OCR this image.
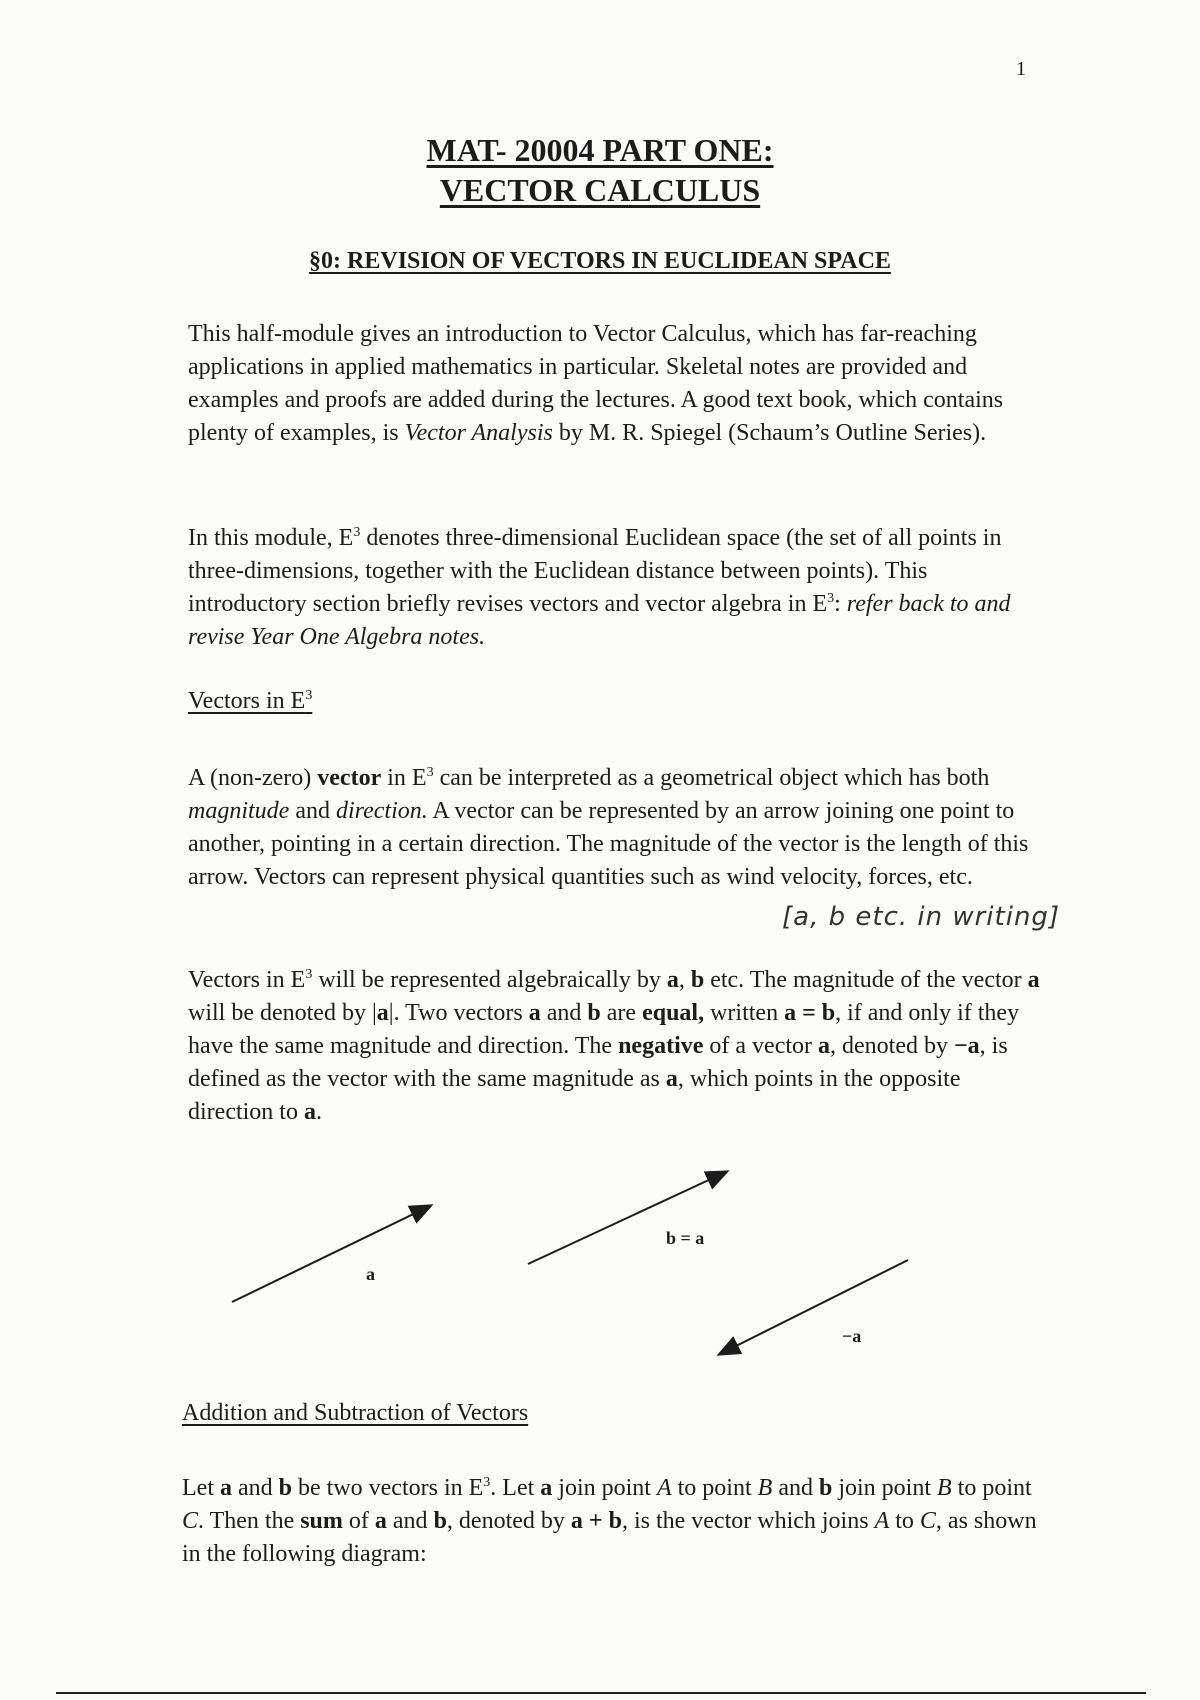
1
MAT- 20004 PART ONE:
VECTOR CALCULUS
§0: REVISION OF VECTORS IN EUCLIDEAN SPACE

This half-module gives an introduction to Vector Calculus, which has far-reaching applications in applied mathematics in particular. Skeletal notes are provided and examples and proofs are added during the lectures. A good text book, which contains plenty of examples, is Vector Analysis by M. R. Spiegel (Schaum’s Outline Series).

In this module, $E^3$ denotes three-dimensional Euclidean space (the set of all points in three-dimensions, together with the Euclidean distance between points). This introductory section briefly revises vectors and vector algebra in $E^3$: refer back to and revise Year One Algebra notes.

Vectors in $E^3$

A (non-zero) vector in $E^3$ can be interpreted as a geometrical object which has both magnitude and direction. A vector can be represented by an arrow joining one point to another, pointing in a certain direction. The magnitude of the vector is the length of this arrow. Vectors can represent physical quantities such as wind velocity, forces, etc.

[a, b etc. in writing]

Vectors in $E^3$ will be represented algebraically by a, b etc. The magnitude of the vector a will be denoted by |a|. Two vectors a and b are equal, written a = b, if and only if they have the same magnitude and direction. The negative of a vector a, denoted by −a, is defined as the vector with the same magnitude as a, which points in the opposite direction to a.

a
b = a
−a
Addition and Subtraction of Vectors

Let a and b be two vectors in $E^3$. Let a join point A to point B and b join point B to point C. Then the sum of a and b, denoted by a + b, is the vector which joins A to C, as shown in the following diagram:
